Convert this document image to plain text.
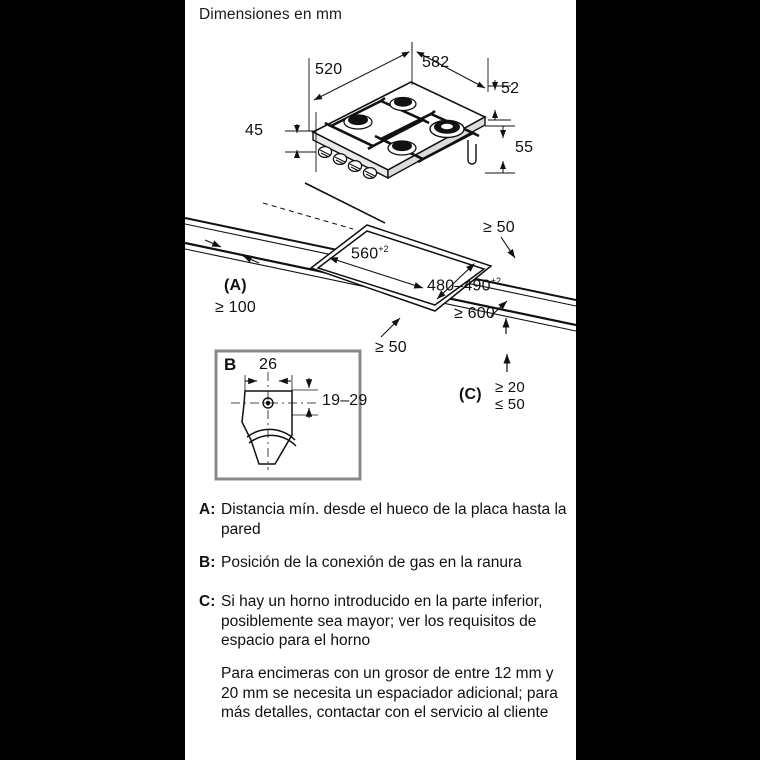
Dimensiones en mm
520	582
52
45
55
$560^{+2}$
$480-490^{+2}$
≥ 50
≥ 50
≥ 600
(A)
≥ 100
(C) ≥ 20
≤ 50
B 26
19–29
A: Distancia mín. desde el hueco de la placa hasta la pared
B: Posición de la conexión de gas en la ranura
C: Si hay un horno introducido en la parte inferior, posiblemente sea mayor; ver los requisitos de espacio para el horno
Para encimeras con un grosor de entre 12 mm y 20 mm se necesita un espaciador adicional; para más detalles, contactar con el servicio al cliente
